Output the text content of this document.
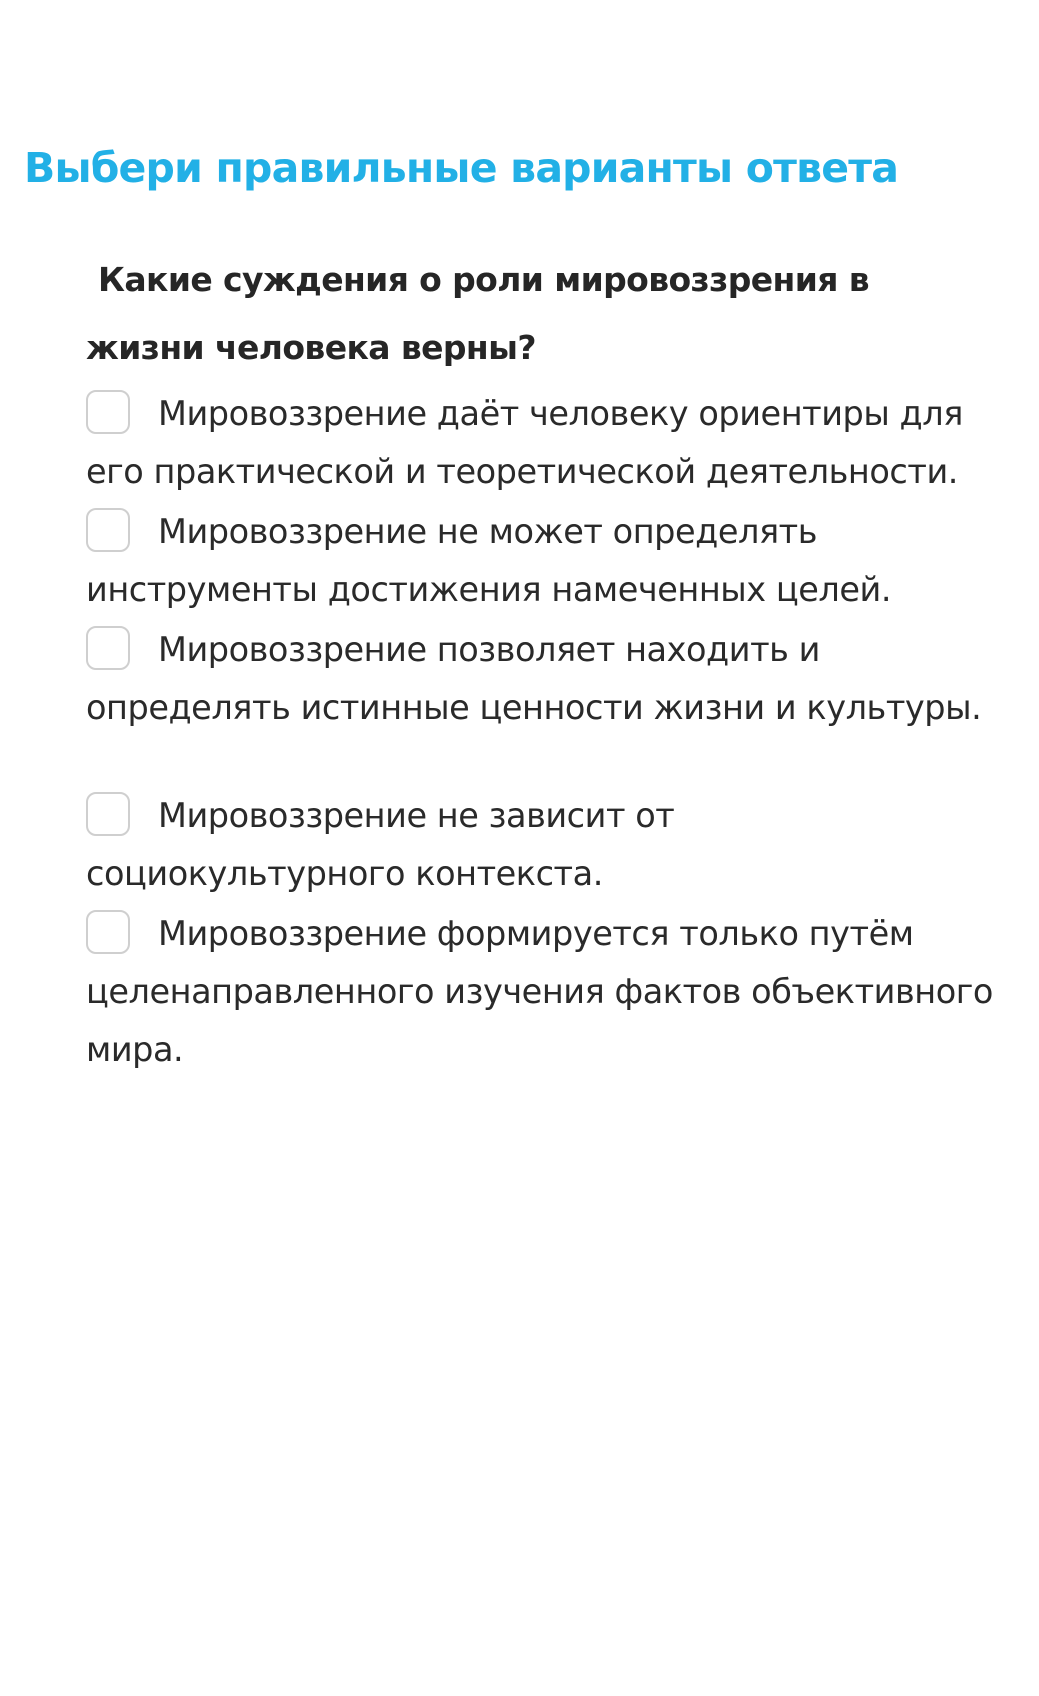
Выбери правильные варианты ответа

Какие суждения о роли мировоззрения в жизни человека верны?

Мировоззрение даёт человеку ориентиры для его практической и теоретической деятельности.
Мировоззрение не может определять инструменты достижения намеченных целей.
Мировоззрение позволяет находить и определять истинные ценности жизни и культуры.
Мировоззрение не зависит от социокультурного контекста.
Мировоззрение формируется только путём целенаправленного изучения фактов объективного мира.
